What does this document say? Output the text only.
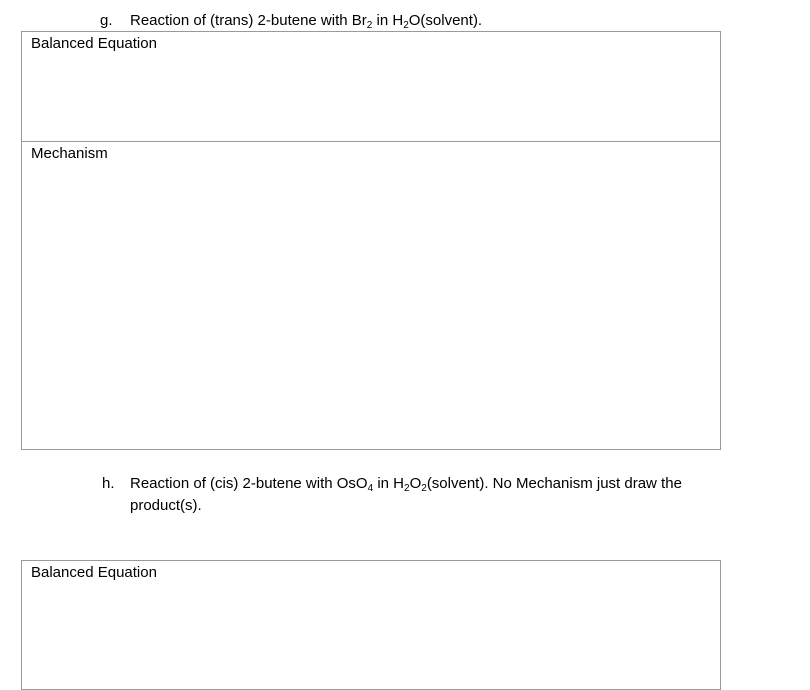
g. Reaction of (trans) 2-butene with $Br_2$ in $H_2O(solvent)$.
Balanced Equation
Mechanism
h. Reaction of (cis) 2-butene with OsO$_4$ in $H_2O_2(solvent)$. No Mechanism just draw the
product(s).
Balanced Equation
